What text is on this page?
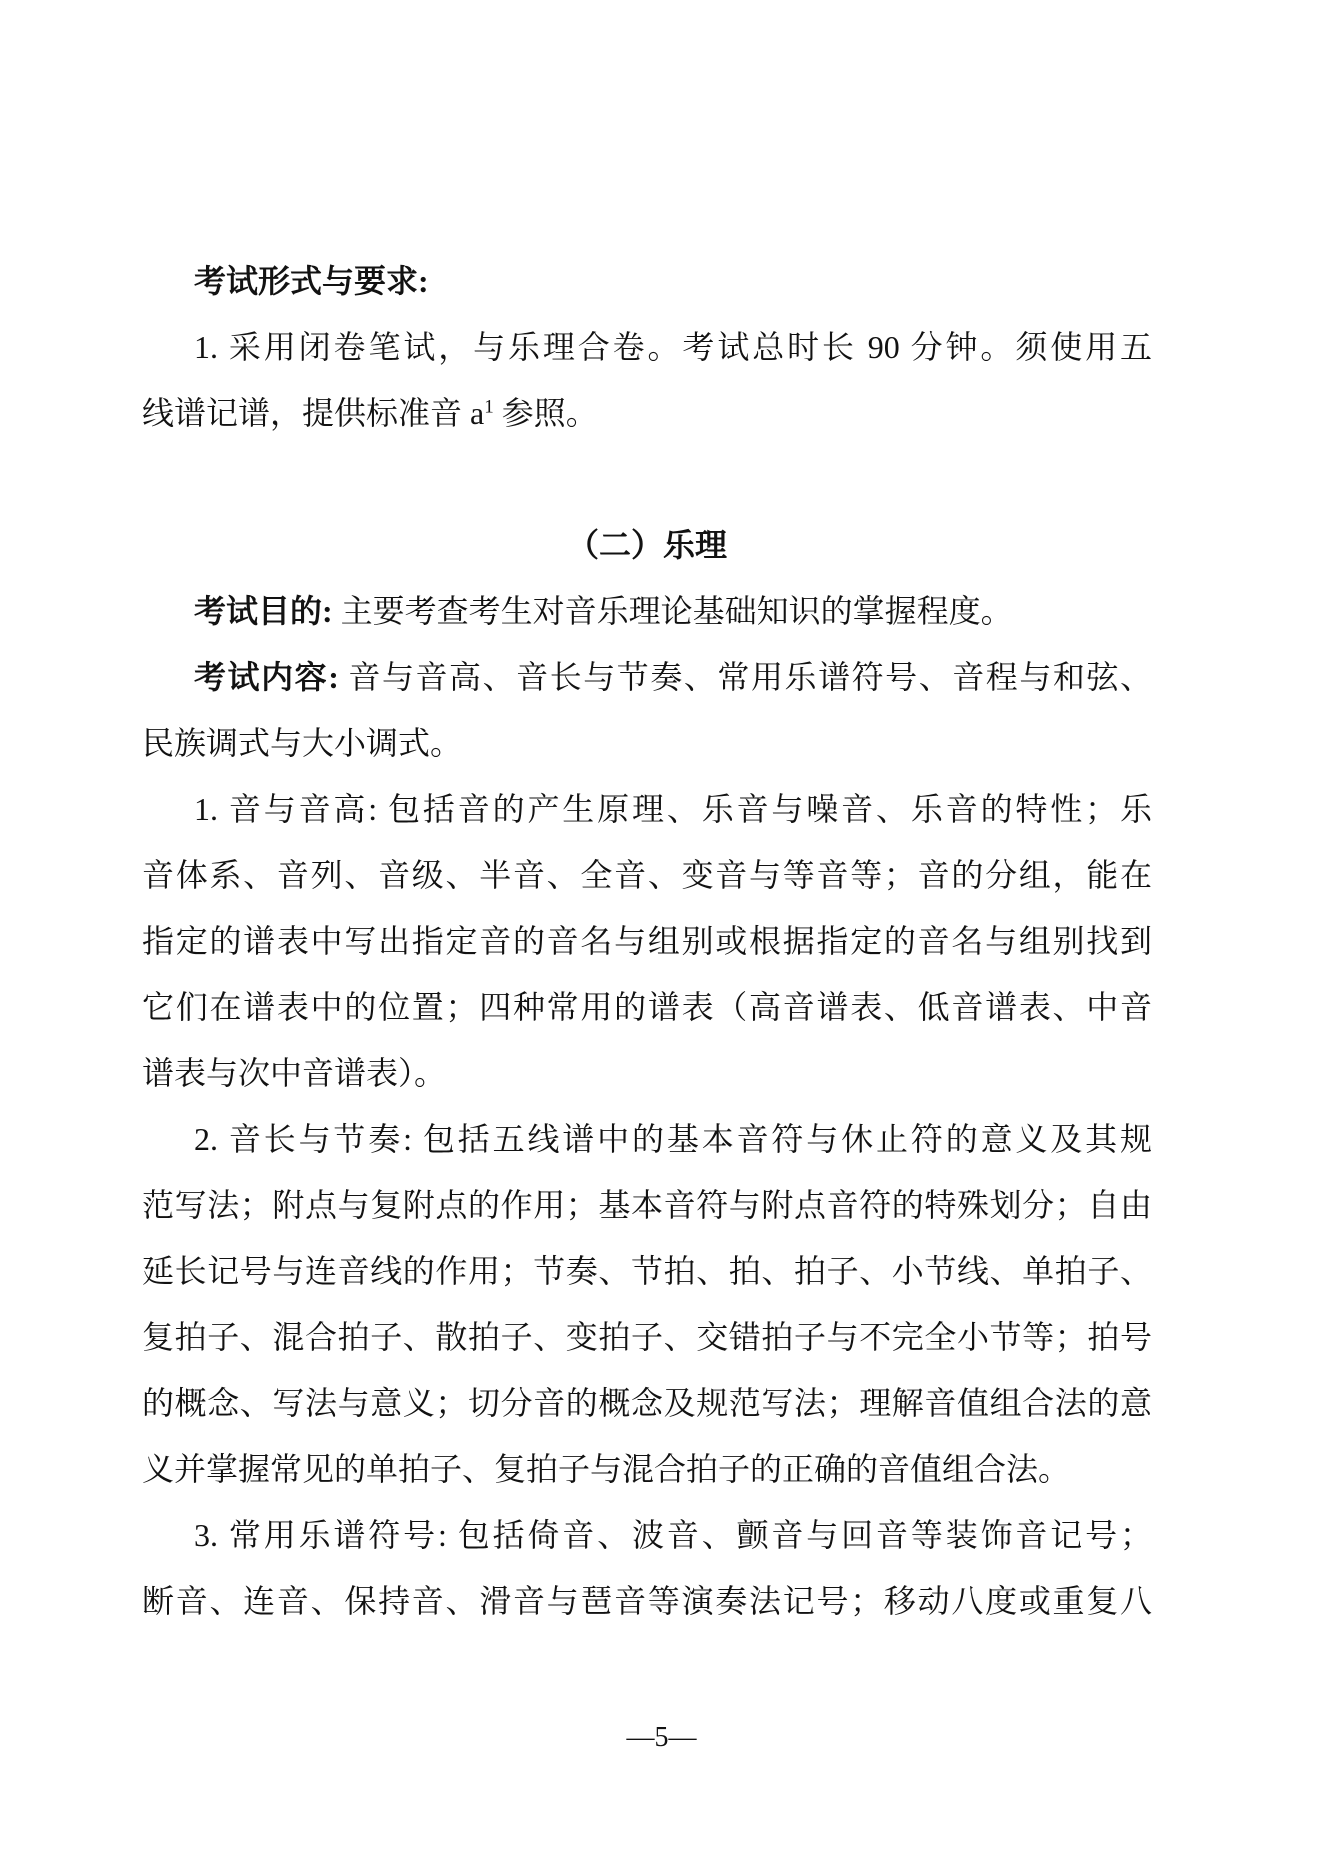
考试形式与要求:
1. 采用闭卷笔试，与乐理合卷。考试总时长 90 分钟。须使用五
线谱记谱，提供标准音 $a^1$ 参照。
（二）乐理
考试目的: 主要考查考生对音乐理论基础知识的掌握程度。
考试内容: 音与音高、音长与节奏、常用乐谱符号、音程与和弦、
民族调式与大小调式。
1. 音与音高: 包括音的产生原理、乐音与噪音、乐音的特性；乐
音体系、音列、音级、半音、全音、变音与等音等；音的分组，能在
指定的谱表中写出指定音的音名与组别或根据指定的音名与组别找到
它们在谱表中的位置；四种常用的谱表（高音谱表、低音谱表、中音
谱表与次中音谱表）。
2. 音长与节奏: 包括五线谱中的基本音符与休止符的意义及其规
范写法；附点与复附点的作用；基本音符与附点音符的特殊划分；自由
延长记号与连音线的作用；节奏、节拍、拍、拍子、小节线、单拍子、
复拍子、混合拍子、散拍子、变拍子、交错拍子与不完全小节等；拍号
的概念、写法与意义；切分音的概念及规范写法；理解音值组合法的意
义并掌握常见的单拍子、复拍子与混合拍子的正确的音值组合法。
3. 常用乐谱符号: 包括倚音、波音、颤音与回音等装饰音记号；
断音、连音、保持音、滑音与琶音等演奏法记号；移动八度或重复八
—5—
